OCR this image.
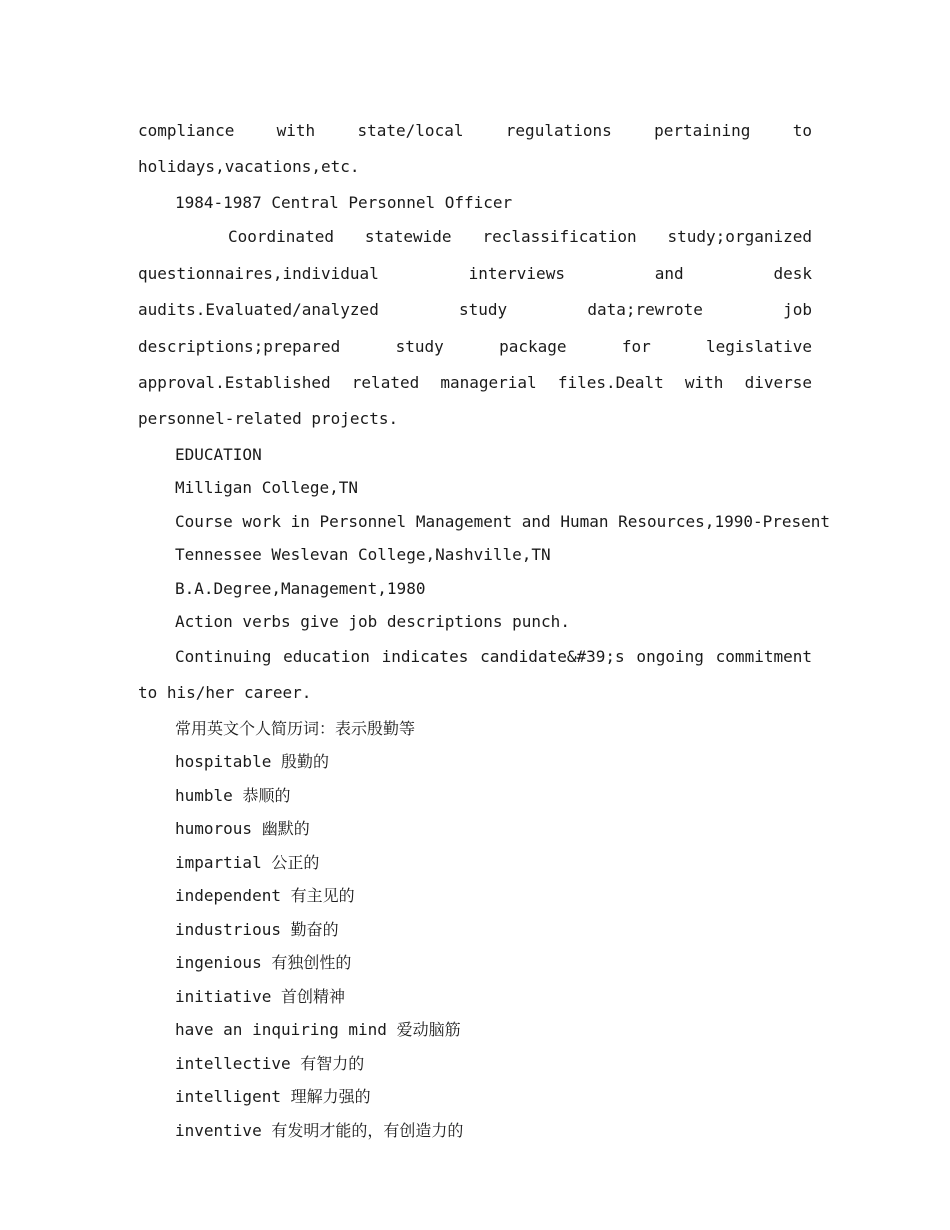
compliance with state/local regulations pertaining to holidays,vacations,etc.

1984-1987 Central Personnel Officer

Coordinated statewide reclassification study;organized questionnaires,individual interviews and desk audits.Evaluated/analyzed study data;rewrote job descriptions;prepared study package for legislative approval.Established related managerial files.Dealt with diverse personnel-related projects.

EDUCATION
Milligan College,TN
Course work in Personnel Management and Human Resources,1990-Present
Tennessee Weslevan College,Nashville,TN
B.A.Degree,Management,1980
Action verbs give job descriptions punch.

Continuing education indicates candidate&#39;s ongoing commitment to his/her career.

常用英文个人简历词：表示殷勤等
hospitable 殷勤的
humble 恭顺的
humorous 幽默的
impartial 公正的
independent 有主见的
industrious 勤奋的
ingenious 有独创性的
initiative 首创精神
have an inquiring mind 爱动脑筋
intellective 有智力的
intelligent 理解力强的
inventive 有发明才能的，有创造力的
